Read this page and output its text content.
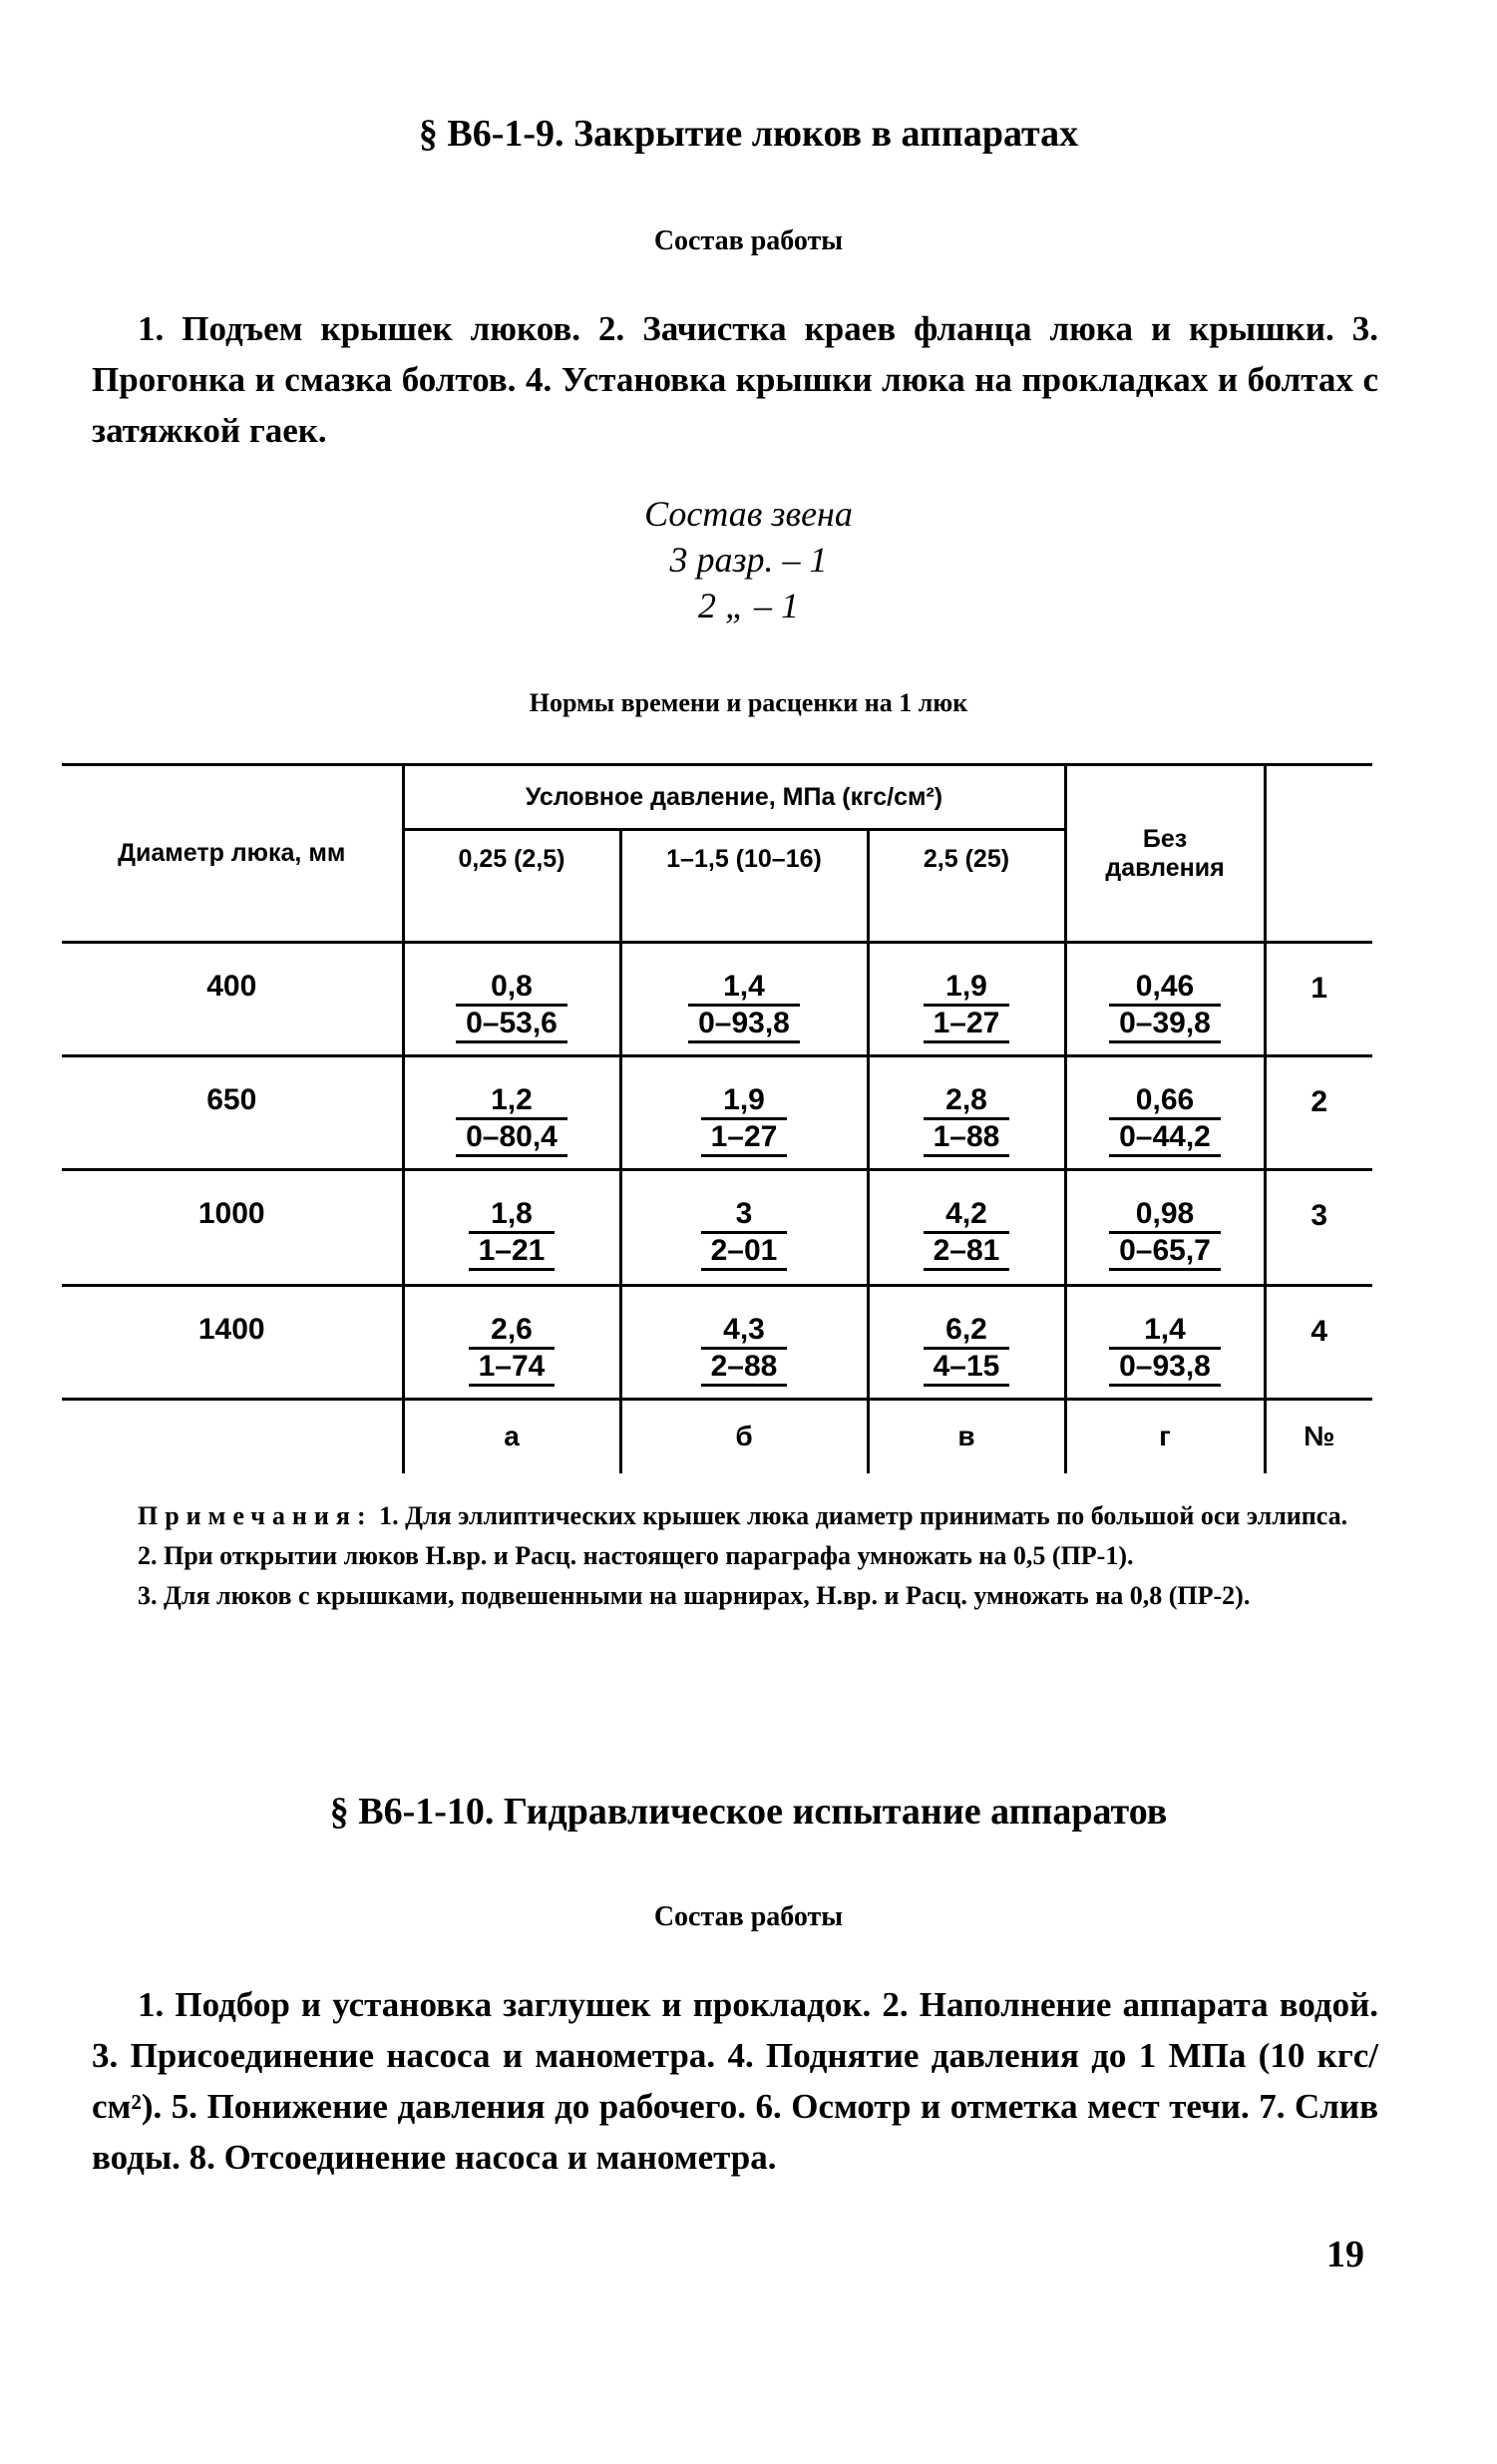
§ В6-1-9. Закрытие люков в аппаратах
Состав работы
1. Подъем крышек люков. 2. Зачистка краев фланца люка и крышки. 3. Прогонка и смазка болтов. 4. Установка крышки люка на прокладках и болтах с затяжкой гаек.
Состав звена
3 разр. – 1
2 „ – 1
Нормы времени и расценки на 1 люк
Диаметр люка, мм	Условное давление, МПа (кгс/см²)			Без давления	
	0,25 (2,5)	1–1,5 (10–16)	2,5 (25)		
400	$\frac{0,8}{0-53,6}$	$\frac{1,4}{0-93,8}$	$\frac{1,9}{1-27}$	$\frac{0,46}{0-39,8}$	1
650	$\frac{1,2}{0-80,4}$	$\frac{1,9}{1-27}$	$\frac{2,8}{1-88}$	$\frac{0,66}{0-44,2}$	2
1000	$\frac{1,8}{1-21}$	$\frac{3}{2-01}$	$\frac{4,2}{2-81}$	$\frac{0,98}{0-65,7}$	3
1400	$\frac{2,6}{1-74}$	$\frac{4,3}{2-88}$	$\frac{6,2}{4-15}$	$\frac{1,4}{0-93,8}$	4
	а	б	в	г	№

Примечания: 1. Для эллиптических крышек люка диаметр принимать по большой оси эллипса.

2. При открытии люков Н.вр. и Расц. настоящего параграфа умножать на 0,5 (ПР-1).

3. Для люков с крышками, подвешенными на шарнирах, Н.вр. и Расц. умножать на 0,8 (ПР-2).

§ В6-1-10. Гидравлическое испытание аппаратов
Состав работы
1. Подбор и установка заглушек и прокладок. 2. Наполнение аппарата водой. 3. Присоединение насоса и манометра. 4. Поднятие давления до 1 МПа (10 кгс/см²). 5. Понижение давления до рабочего. 6. Осмотр и отметка мест течи. 7. Слив воды. 8. Отсоединение насоса и манометра.
19
